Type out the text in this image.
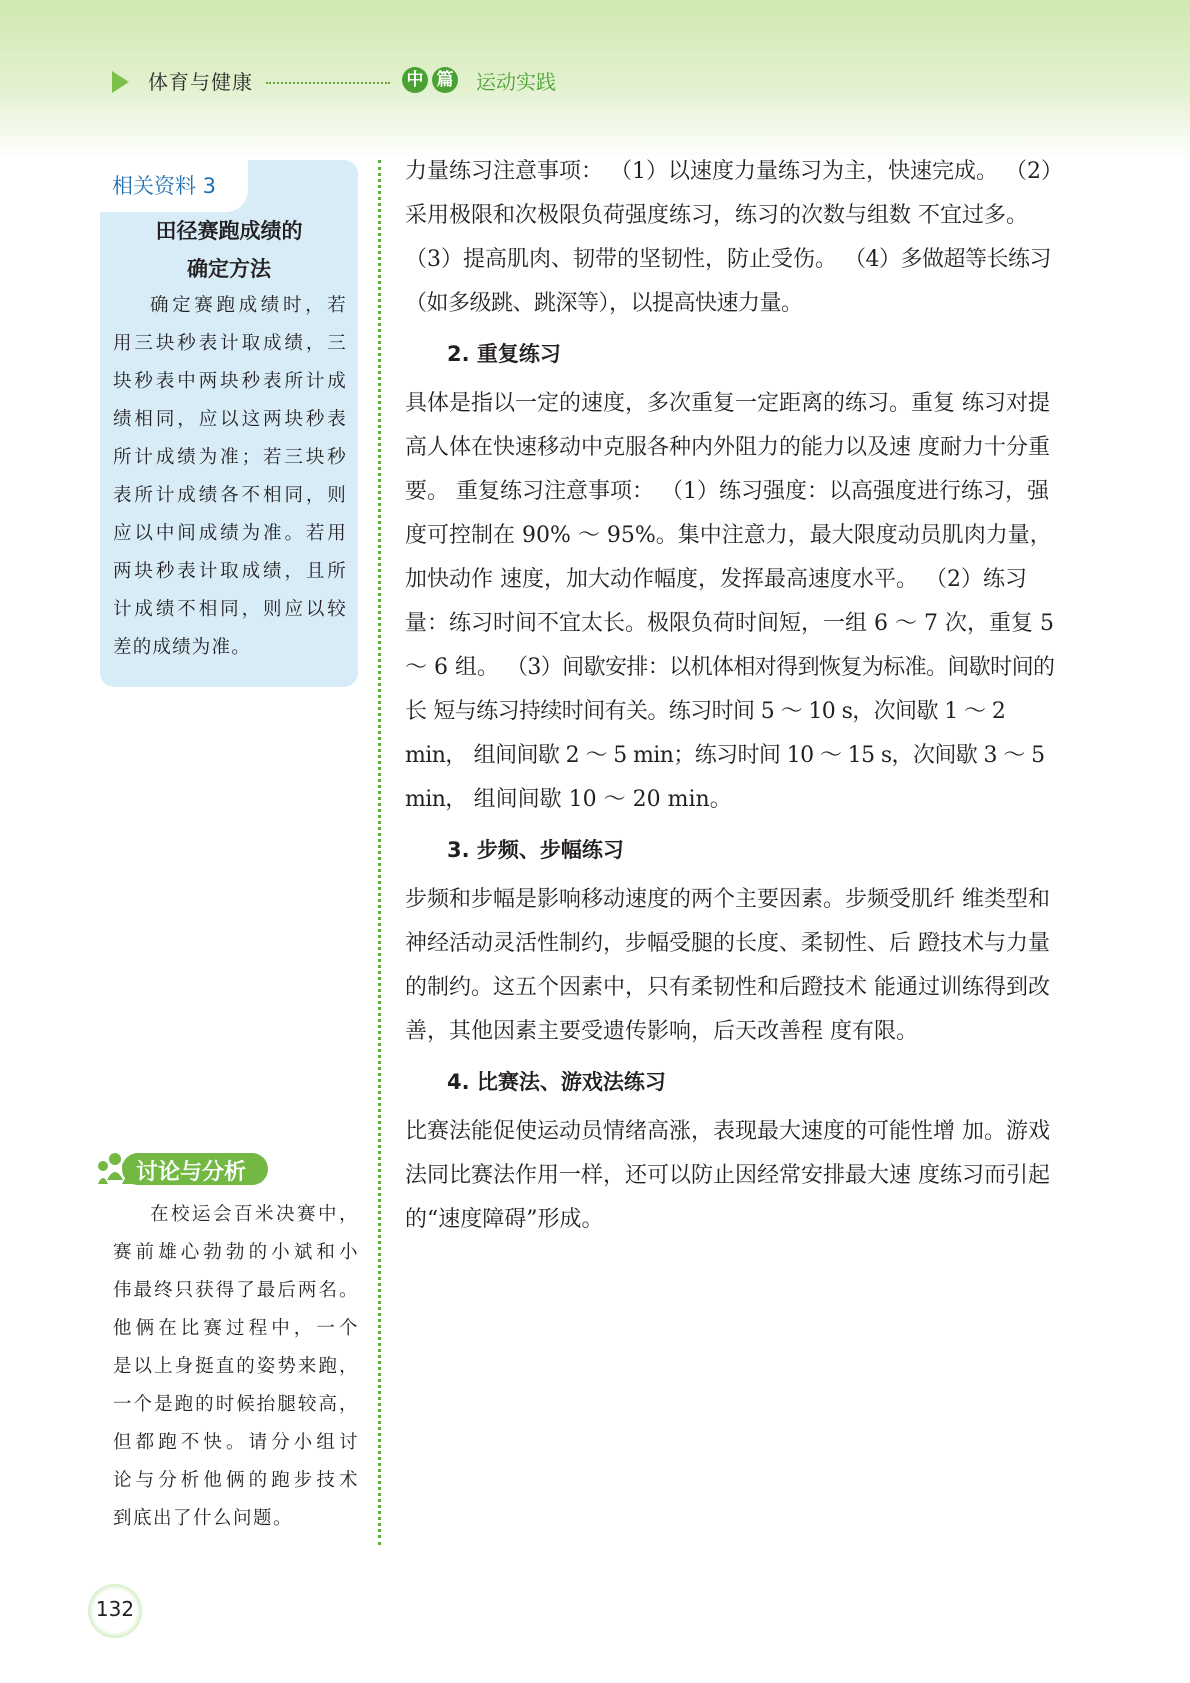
体育与健康	中 篇 运动实践
相关资料 3
田径赛跑成绩的
确定方法
确定赛跑成绩时，若
用三块秒表计取成绩，三
块秒表中两块秒表所计成
绩相同，应以这两块秒表
所计成绩为准；若三块秒
表所计成绩各不相同，则
应以中间成绩为准。若用
两块秒表计取成绩，且所
计成绩不相同，则应以较
差的成绩为准。
讨论与分析
在校运会百米决赛中，
赛前雄心勃勃的小斌和小
伟最终只获得了最后两名。
他俩在比赛过程中，一个
是以上身挺直的姿势来跑，
一个是跑的时候抬腿较高，
但都跑不快。请分小组讨
论与分析他俩的跑步技术
到底出了什么问题。
力量练习注意事项： （1）以速度力量练习为主，快速完成。 （2）采用极限和次极限负荷强度练习，练习的次数与组数 不宜过多。 （3）提高肌肉、韧带的坚韧性，防止受伤。 （4）多做超等长练习（如多级跳、跳深等），以提高快速力量。
2. 重复练习
具体是指以一定的速度，多次重复一定距离的练习。重复 练习对提高人体在快速移动中克服各种内外阻力的能力以及速 度耐力十分重要。 重复练习注意事项： （1）练习强度：以高强度进行练习，强度可控制在 90% ～ 95%。集中注意力，最大限度动员肌肉力量，加快动作 速度，加大动作幅度，发挥最高速度水平。 （2）练习量：练习时间不宜太长。极限负荷时间短，一组 6 ～ 7 次，重复 5 ～ 6 组。 （3）间歇安排：以机体相对得到恢复为标准。间歇时间的长 短与练习持续时间有关。练习时间 5 ～ 10 s，次间歇 1 ～ 2 min， 组间间歇 2 ～ 5 min；练习时间 10 ～ 15 s，次间歇 3 ～ 5 min， 组间间歇 10 ～ 20 min。
3. 步频、步幅练习
步频和步幅是影响移动速度的两个主要因素。步频受肌纤 维类型和神经活动灵活性制约，步幅受腿的长度、柔韧性、后 蹬技术与力量的制约。这五个因素中，只有柔韧性和后蹬技术 能通过训练得到改善，其他因素主要受遗传影响，后天改善程 度有限。
4. 比赛法、游戏法练习
比赛法能促使运动员情绪高涨，表现最大速度的可能性增 加。游戏法同比赛法作用一样，还可以防止因经常安排最大速 度练习而引起的“速度障碍”形成。
132
